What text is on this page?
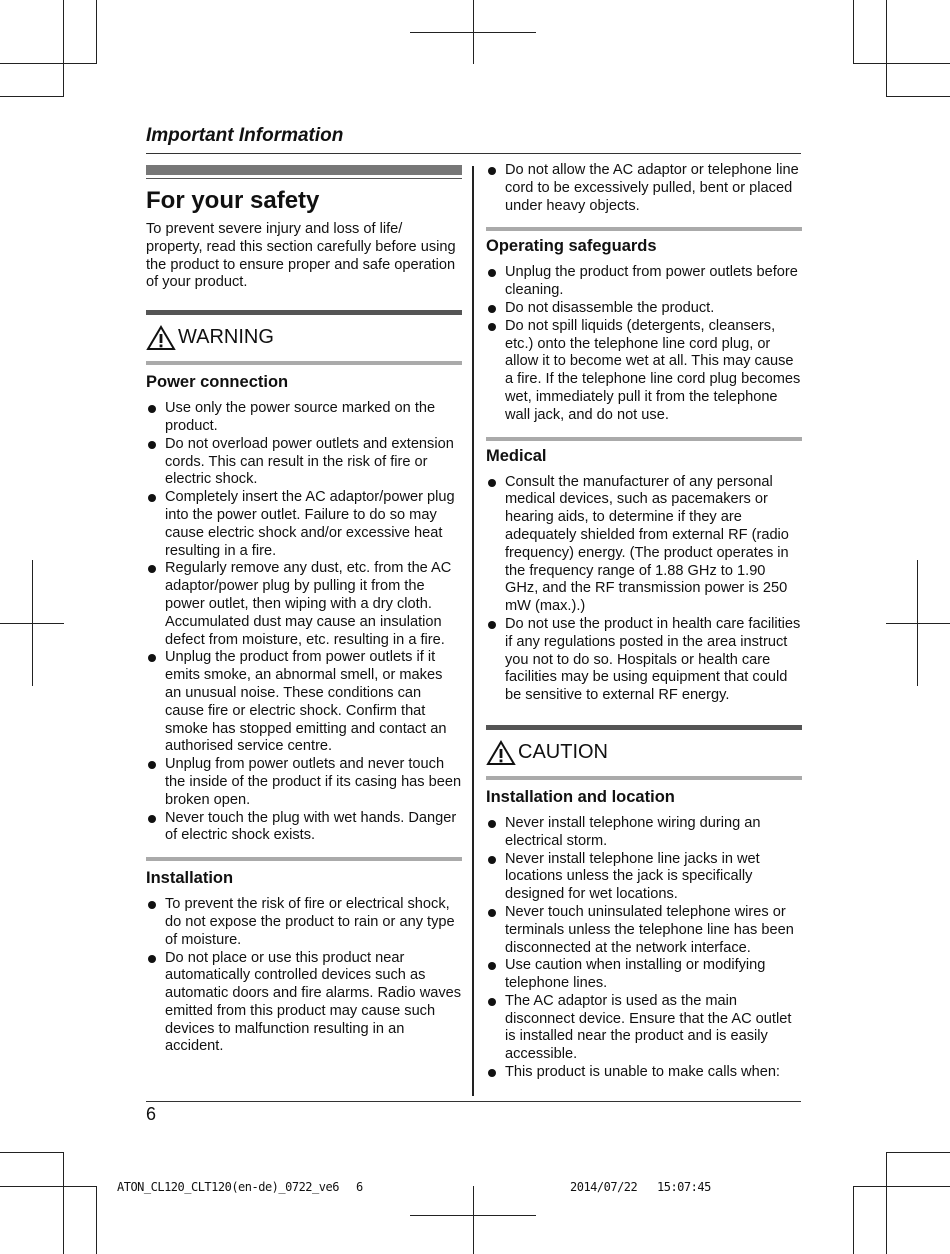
Important Information
For your safety

To prevent severe injury and loss of life/ property, read this section carefully before using the product to ensure proper and safe operation of your product.

WARNING
Power connection
Use only the power source marked on the product.
Do not overload power outlets and extension cords. This can result in the risk of fire or electric shock.
Completely insert the AC adaptor/power plug into the power outlet. Failure to do so may cause electric shock and/or excessive heat resulting in a fire.
Regularly remove any dust, etc. from the AC adaptor/power plug by pulling it from the power outlet, then wiping with a dry cloth. Accumulated dust may cause an insulation defect from moisture, etc. resulting in a fire.
Unplug the product from power outlets if it emits smoke, an abnormal smell, or makes an unusual noise. These conditions can cause fire or electric shock. Confirm that smoke has stopped emitting and contact an authorised service centre.
Unplug from power outlets and never touch the inside of the product if its casing has been broken open.
Never touch the plug with wet hands. Danger of electric shock exists.
Installation
To prevent the risk of fire or electrical shock, do not expose the product to rain or any type of moisture.
Do not place or use this product near automatically controlled devices such as automatic doors and fire alarms. Radio waves emitted from this product may cause such devices to malfunction resulting in an accident.
Do not allow the AC adaptor or telephone line cord to be excessively pulled, bent or placed under heavy objects.
Operating safeguards
Unplug the product from power outlets before cleaning.
Do not disassemble the product.
Do not spill liquids (detergents, cleansers, etc.) onto the telephone line cord plug, or allow it to become wet at all. This may cause a fire. If the telephone line cord plug becomes wet, immediately pull it from the telephone wall jack, and do not use.
Medical
Consult the manufacturer of any personal medical devices, such as pacemakers or hearing aids, to determine if they are adequately shielded from external RF (radio frequency) energy. (The product operates in the frequency range of 1.88 GHz to 1.90 GHz, and the RF transmission power is 250 mW (max.).)
Do not use the product in health care facilities if any regulations posted in the area instruct you not to do so. Hospitals or health care facilities may be using equipment that could be sensitive to external RF energy.
CAUTION
Installation and location
Never install telephone wiring during an electrical storm.
Never install telephone line jacks in wet locations unless the jack is specifically designed for wet locations.
Never touch uninsulated telephone wires or terminals unless the telephone line has been disconnected at the network interface.
Use caution when installing or modifying telephone lines.
The AC adaptor is used as the main disconnect device. Ensure that the AC outlet is installed near the product and is easily accessible.
This product is unable to make calls when:
6
ATON_CL120_CLT120(en-de)_0722_ve6 6	2014/07/22 15:07:45
